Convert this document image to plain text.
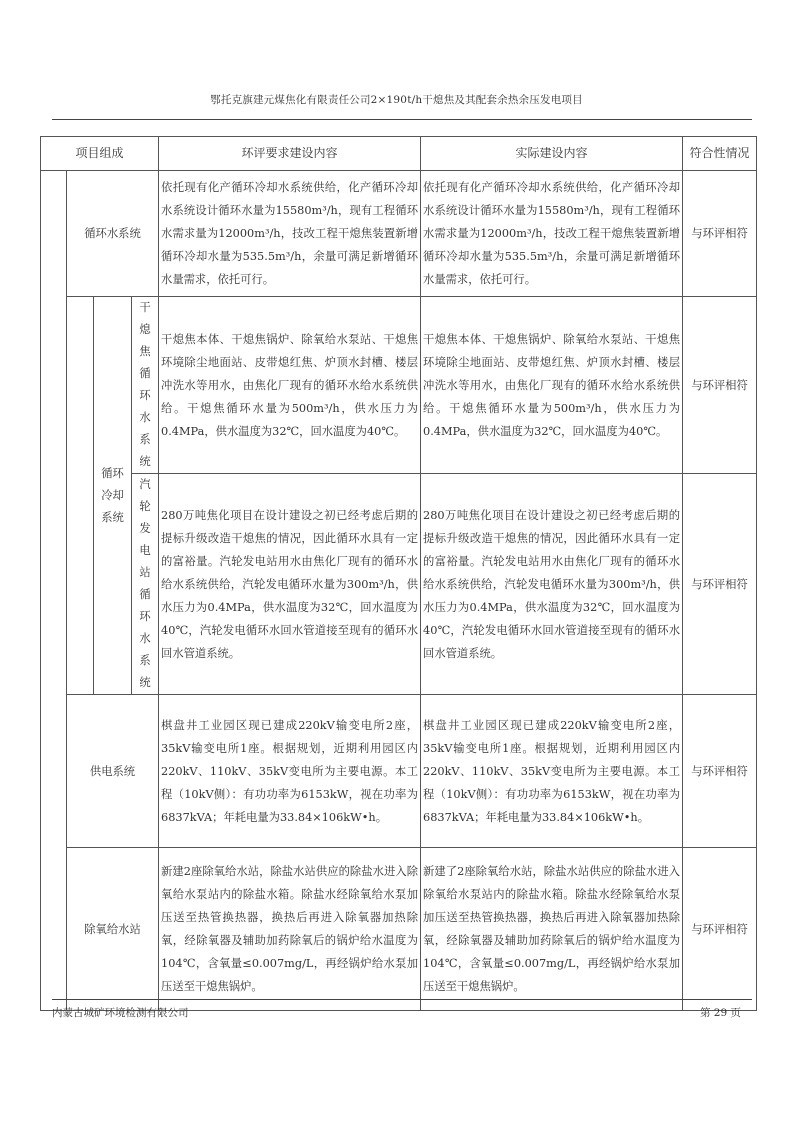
鄂托克旗建元煤焦化有限责任公司2×190t/h干熄焦及其配套余热余压发电项目
项目组成				环评要求建设内容	实际建设内容	符合性情况
	循环水系统			依托现有化产循环冷却水系统供给，化产循环冷却水系统设计循环水量为15580m³/h，现有工程循环水需求量为12000m³/h，技改工程干熄焦装置新增循环冷却水量为535.5m³/h，余量可满足新增循环水量需求，依托可行。	依托现有化产循环冷却水系统供给，化产循环冷却水系统设计循环水量为15580m³/h，现有工程循环水需求量为12000m³/h，技改工程干熄焦装置新增循环冷却水量为535.5m³/h，余量可满足新增循环水量需求，依托可行。	与环评相符
		循环冷却系统	干熄焦循环水系统	干熄焦本体、干熄焦锅炉、除氧给水泵站、干熄焦环境除尘地面站、皮带熄红焦、炉顶水封槽、楼层冲洗水等用水，由焦化厂现有的循环水给水系统供给。干熄焦循环水量为500m³/h，供水压力为0.4MPa，供水温度为32℃，回水温度为40℃。	干熄焦本体、干熄焦锅炉、除氧给水泵站、干熄焦环境除尘地面站、皮带熄红焦、炉顶水封槽、楼层冲洗水等用水，由焦化厂现有的循环水给水系统供给。干熄焦循环水量为500m³/h，供水压力为0.4MPa，供水温度为32℃，回水温度为40℃。	与环评相符
			汽轮发电站循环水系统	280万吨焦化项目在设计建设之初已经考虑后期的提标升级改造干熄焦的情况，因此循环水具有一定的富裕量。汽轮发电站用水由焦化厂现有的循环水给水系统供给，汽轮发电循环水量为300m³/h，供水压力为0.4MPa，供水温度为32℃，回水温度为40℃，汽轮发电循环水回水管道接至现有的循环水回水管道系统。	280万吨焦化项目在设计建设之初已经考虑后期的提标升级改造干熄焦的情况，因此循环水具有一定的富裕量。汽轮发电站用水由焦化厂现有的循环水给水系统供给，汽轮发电循环水量为300m³/h，供水压力为0.4MPa，供水温度为32℃，回水温度为40℃，汽轮发电循环水回水管道接至现有的循环水回水管道系统。	与环评相符
	供电系统			棋盘井工业园区现已建成220kV输变电所2座，35kV输变电所1座。根据规划，近期利用园区内220kV、110kV、35kV变电所为主要电源。本工程（10kV侧）：有功功率为6153kW，视在功率为6837kVA；年耗电量为33.84×106kW•h。	棋盘井工业园区现已建成220kV输变电所2座，35kV输变电所1座。根据规划，近期利用园区内220kV、110kV、35kV变电所为主要电源。本工程（10kV侧）：有功功率为6153kW，视在功率为6837kVA；年耗电量为33.84×106kW•h。	与环评相符
	除氧给水站			新建2座除氧给水站，除盐水站供应的除盐水进入除氧给水泵站内的除盐水箱。除盐水经除氧给水泵加压送至热管换热器，换热后再进入除氧器加热除氧，经除氧器及辅助加药除氧后的锅炉给水温度为104℃，含氧量≤0.007mg/L，再经锅炉给水泵加压送至干熄焦锅炉。	新建了2座除氧给水站，除盐水站供应的除盐水进入除氧给水泵站内的除盐水箱。除盐水经除氧给水泵加压送至热管换热器，换热后再进入除氧器加热除氧，经除氧器及辅助加药除氧后的锅炉给水温度为104℃，含氧量≤0.007mg/L，再经锅炉给水泵加压送至干熄焦锅炉。	与环评相符
内蒙古城矿环境检测有限公司	第 29 页
